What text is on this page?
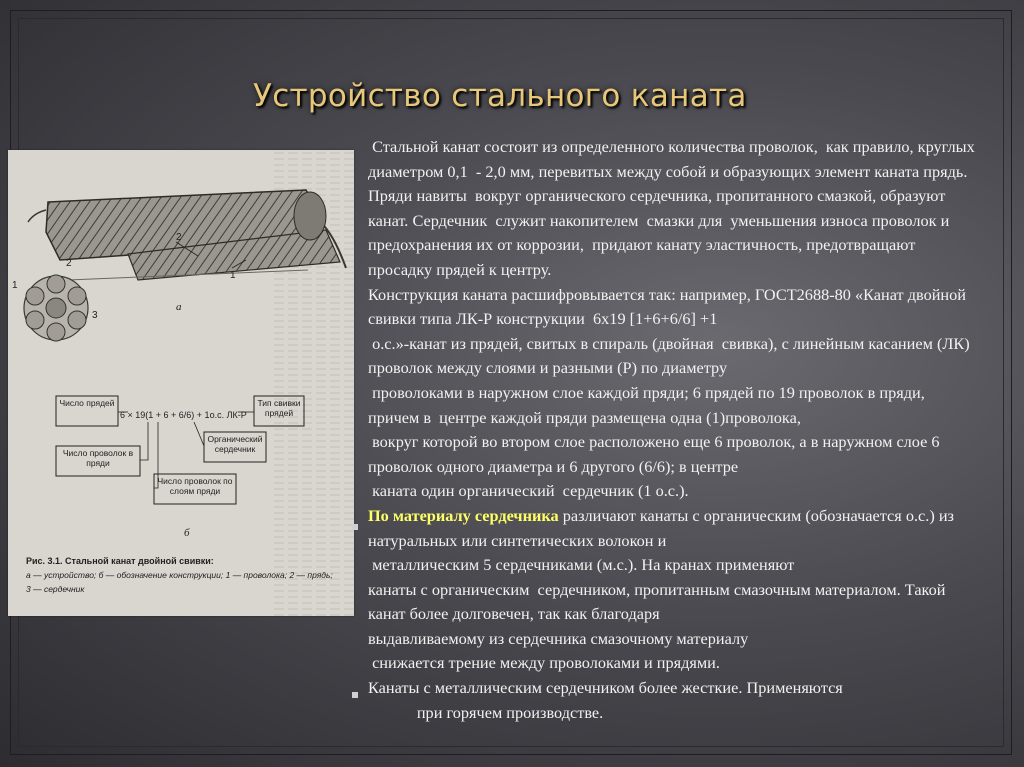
Устройство стального каната
2
1
2
1
3
а
Число прядей	Тип свивки прядей
6 × 19(1 + 6 + 6/6) + 1o.c. ЛК-Р
Органический сердечник
Число проволок в пряди
Число проволок по слоям пряди
б
Рис. 3.1. Стальной канат двойной свивки:
а — устройство; б — обозначение конструкции; 1 — проволока; 2 — прядь;
3 — сердечник

Стальной канат состоит из определенного количества проволок,  как правило, круглых диаметром 0,1  - 2,0 мм, перевитых между собой и образующих элемент каната прядь. Пряди навиты  вокруг органического сердечника, пропитанного смазкой, образуют  канат. Сердечник  служит накопителем  смазки для  уменьшения износа проволок и предохранения их от коррозии,  придают канату эластичность, предотвращают просадку прядей к центру.

Конструкция каната расшифровывается так: например, ГОСТ2688-80 «Канат двойной свивки типа ЛК-Р конструкции  6х19 [1+6+6/6] +1
о.с.»-канат из прядей, свитых в спираль (двойная  свивка), с линейным касанием (ЛК) проволок между слоями и разными (Р) по диаметру
проволоками в наружном слое каждой пряди; 6 прядей по 19 проволок в пряди, причем в  центре каждой пряди размещена одна (1)проволока,
вокруг которой во втором слое расположено еще 6 проволок, а в наружном слое 6 проволок одного диаметра и 6 другого (6/6); в центре
каната один органический  сердечник (1 о.с.).

По материалу сердечника различают канаты с органическим (обозначается о.с.) из натуральных или синтетических волокон и
металлическим 5 сердечниками (м.с.). На кранах применяют
канаты с органическим  сердечником, пропитанным смазочным материалом. Такой канат более долговечен, так как благодаря
выдавливаемому из сердечника смазочному материалу
снижается трение между проволоками и прядями.

Канаты с металлическим сердечником более жесткие. Применяются
при горячем производстве.
